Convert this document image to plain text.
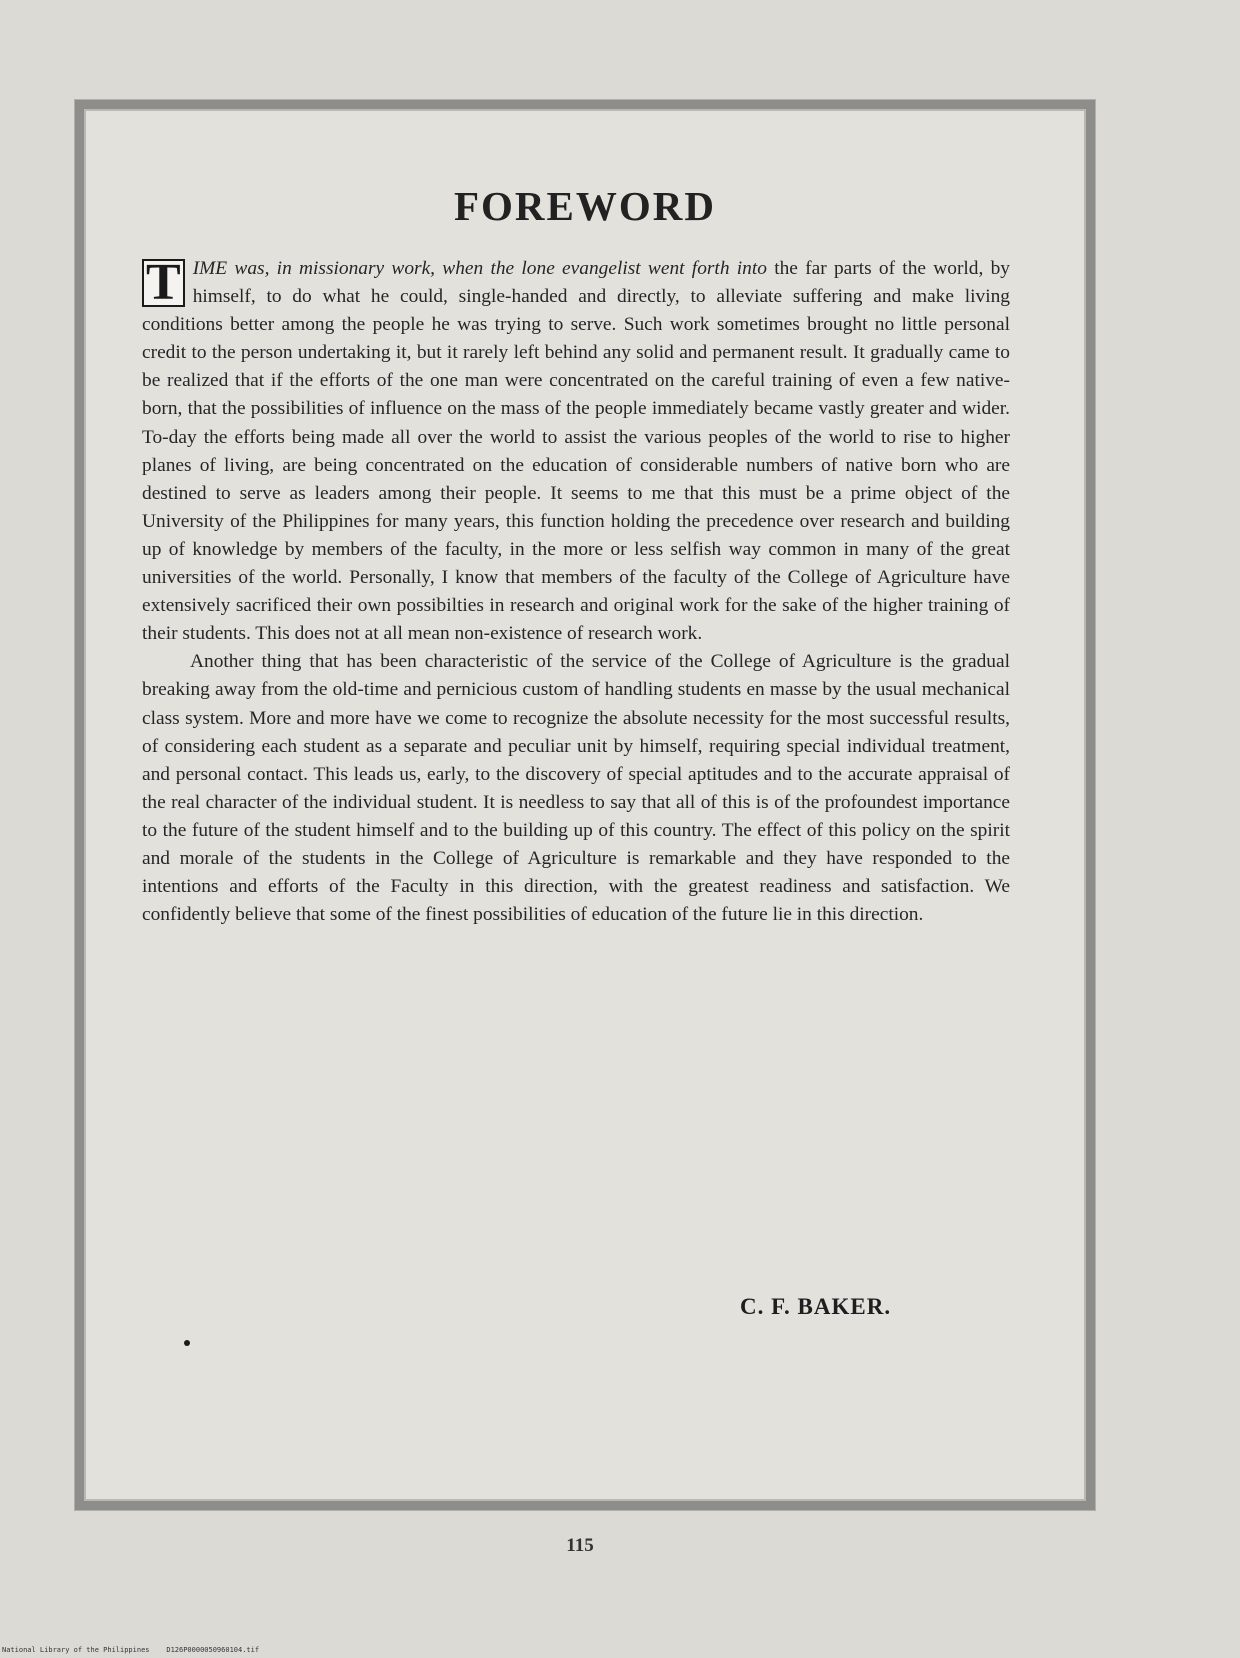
FOREWORD

T IME was, in missionary work, when the lone evangelist went forth into the far parts of the world, by himself, to do what he could, single-handed and directly, to alleviate suffering and make living conditions better among the people he was trying to serve. Such work sometimes brought no little personal credit to the person undertaking it, but it rarely left behind any solid and permanent result. It gradually came to be realized that if the efforts of the one man were concentrated on the careful training of even a few native-born, that the possibilities of influence on the mass of the people immediately became vastly greater and wider. To-day the efforts being made all over the world to assist the various peoples of the world to rise to higher planes of living, are being concentrated on the education of considerable numbers of native born who are destined to serve as leaders among their people. It seems to me that this must be a prime object of the University of the Philippines for many years, this function holding the precedence over research and building up of knowledge by members of the faculty, in the more or less selfish way common in many of the great universities of the world. Personally, I know that members of the faculty of the College of Agriculture have extensively sacrificed their own possibilties in research and original work for the sake of the higher training of their students. This does not at all mean non-existence of research work.

Another thing that has been characteristic of the service of the College of Agriculture is the gradual breaking away from the old-time and pernicious custom of handling students en masse by the usual mechanical class system. More and more have we come to recognize the absolute necessity for the most successful results, of considering each student as a separate and peculiar unit by himself, requiring special individual treatment, and personal contact. This leads us, early, to the discovery of special aptitudes and to the accurate appraisal of the real character of the individual student. It is needless to say that all of this is of the profoundest importance to the future of the student himself and to the building up of this country. The effect of this policy on the spirit and morale of the students in the College of Agriculture is remarkable and they have responded to the intentions and efforts of the Faculty in this direction, with the greatest readiness and satisfaction. We confidently believe that some of the finest possibilities of education of the future lie in this direction.

C. F. BAKER.
115
National Library of the Philippines    D126P0000050960104.tif
